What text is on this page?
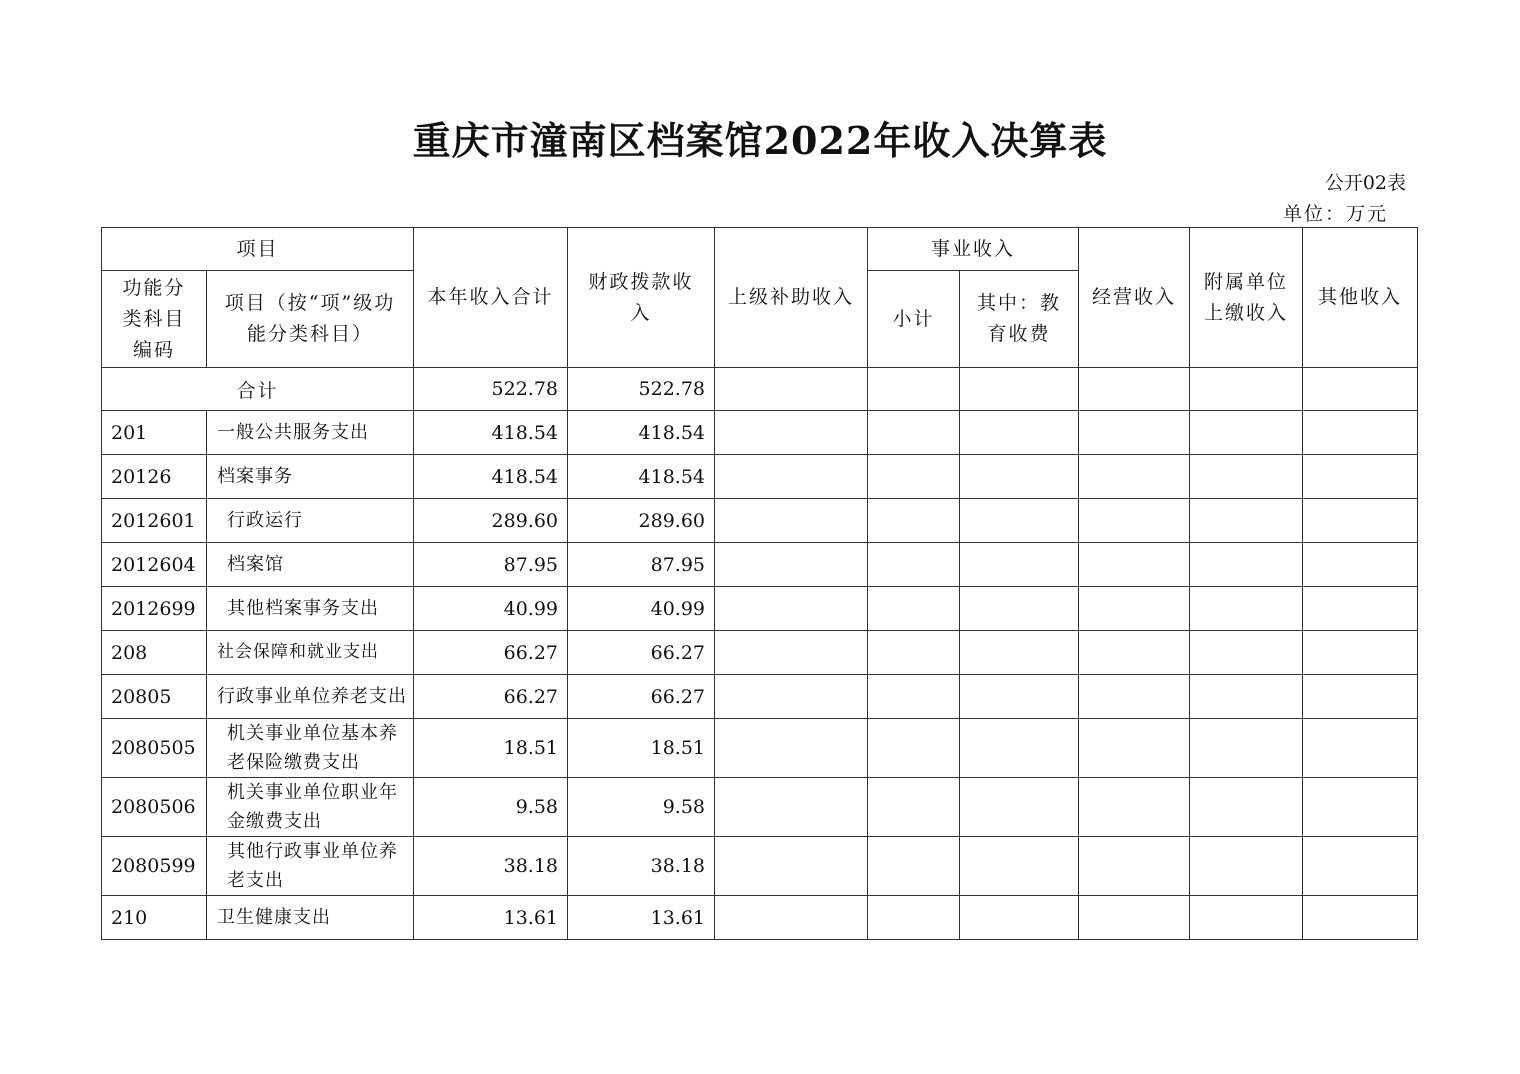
重庆市潼南区档案馆2022年收入决算表
公开02表
单位：万元
项目		本年收入合计	财政拨款收入	上级补助收入	事业收入		经营收入	附属单位上缴收入	其他收入
功能分类科目编码	项目（按“项”级功能分类科目）				小计	其中：教育收费			
合计		522.78	522.78						
201	一般公共服务支出	418.54	418.54						
20126	档案事务	418.54	418.54						
2012601	行政运行	289.60	289.60						
2012604	档案馆	87.95	87.95						
2012699	其他档案事务支出	40.99	40.99						
208	社会保障和就业支出	66.27	66.27						
20805	行政事业单位养老支出	66.27	66.27						
2080505	机关事业单位基本养老保险缴费支出	18.51	18.51						
2080506	机关事业单位职业年金缴费支出	9.58	9.58						
2080599	其他行政事业单位养老支出	38.18	38.18						
210	卫生健康支出	13.61	13.61						
